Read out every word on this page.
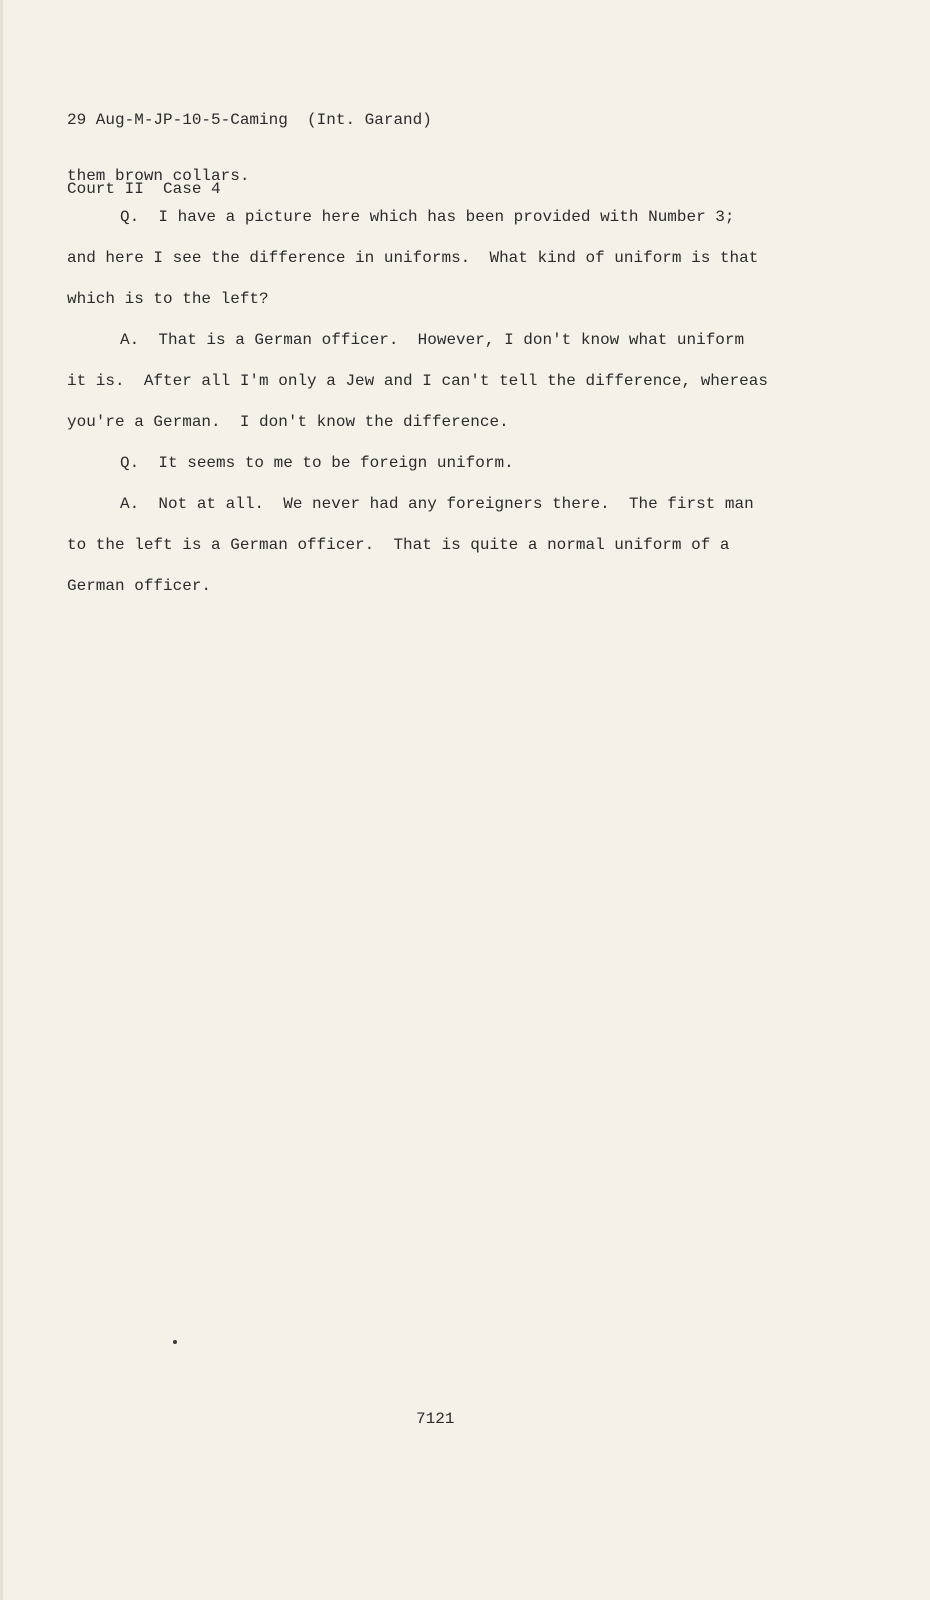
29 Aug-M-JP-10-5-Caming  (Int. Garand)

Court II  Case 4

them brown collars.
Q.  I have a picture here which has been provided with Number 3;
and here I see the difference in uniforms.  What kind of uniform is that
which is to the left?
A.  That is a German officer.  However, I don't know what uniform
it is.  After all I'm only a Jew and I can't tell the difference, whereas
you're a German.  I don't know the difference.
Q.  It seems to me to be foreign uniform.
A.  Not at all.  We never had any foreigners there.  The first man
to the left is a German officer.  That is quite a normal uniform of a
German officer.
7121
